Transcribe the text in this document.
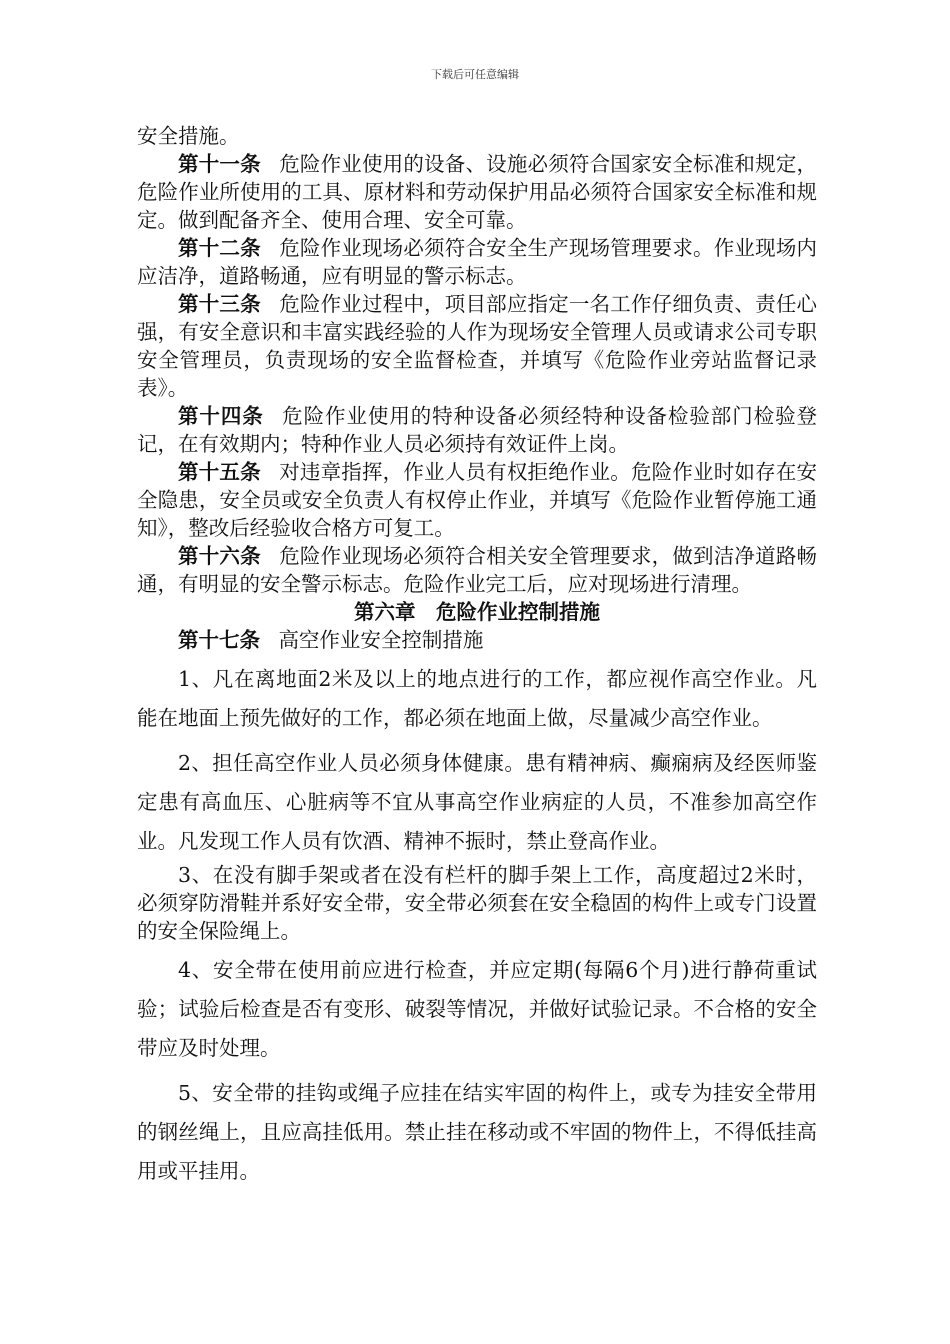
下载后可任意编辑

安全措施。

第十一条 危险作业使用的设备、设施必须符合国家安全标准和规定，危险作业所使用的工具、原材料和劳动保护用品必须符合国家安全标准和规定。做到配备齐全、使用合理、安全可靠。

第十二条 危险作业现场必须符合安全生产现场管理要求。作业现场内应洁净，道路畅通，应有明显的警示标志。

第十三条 危险作业过程中，项目部应指定一名工作仔细负责、责任心强，有安全意识和丰富实践经验的人作为现场安全管理人员或请求公司专职安全管理员，负责现场的安全监督检查，并填写《危险作业旁站监督记录表》。

第十四条 危险作业使用的特种设备必须经特种设备检验部门检验登记，在有效期内；特种作业人员必须持有效证件上岗。

第十五条 对违章指挥，作业人员有权拒绝作业。危险作业时如存在安全隐患，安全员或安全负责人有权停止作业，并填写《危险作业暂停施工通知》，整改后经验收合格方可复工。

第十六条 危险作业现场必须符合相关安全管理要求，做到洁净道路畅通，有明显的安全警示标志。危险作业完工后，应对现场进行清理。

第六章 危险作业控制措施

第十七条 高空作业安全控制措施

1、凡在离地面2米及以上的地点进行的工作，都应视作高空作业。凡能在地面上预先做好的工作，都必须在地面上做，尽量减少高空作业。

2、担任高空作业人员必须身体健康。患有精神病、癫痫病及经医师鉴定患有高血压、心脏病等不宜从事高空作业病症的人员，不准参加高空作业。凡发现工作人员有饮酒、精神不振时，禁止登高作业。

3、在没有脚手架或者在没有栏杆的脚手架上工作，高度超过2米时，必须穿防滑鞋并系好安全带，安全带必须套在安全稳固的构件上或专门设置的安全保险绳上。

4、安全带在使用前应进行检查，并应定期(每隔6个月)进行静荷重试验；试验后检查是否有变形、破裂等情况，并做好试验记录。不合格的安全带应及时处理。

5、安全带的挂钩或绳子应挂在结实牢固的构件上，或专为挂安全带用的钢丝绳上，且应高挂低用。禁止挂在移动或不牢固的物件上，不得低挂高用或平挂用。
